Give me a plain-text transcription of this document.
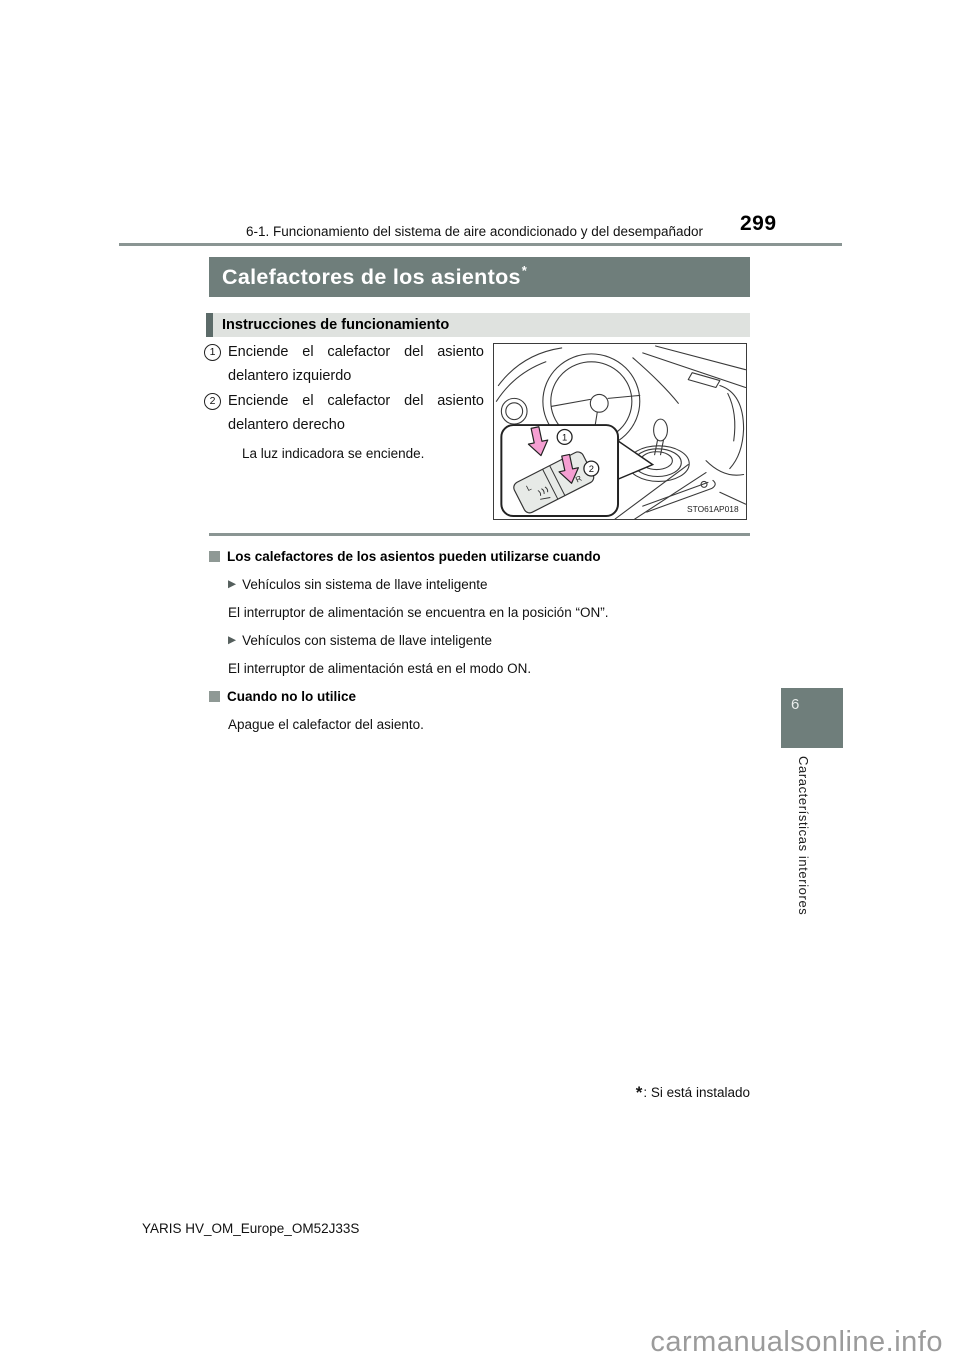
6-1. Funcionamiento del sistema de aire acondicionado y del desempañador 299
Calefactores de los asientos *
Instrucciones de funcionamiento
1 Enciende el calefactor del asiento delantero izquierdo

2 Enciende el calefactor del asiento delantero derecho

La luz indicadora se enciende.
L
R
1
2
STO61AP018
Los calefactores de los asientos pueden utilizarse cuando
▶ Vehículos sin sistema de llave inteligente
El interruptor de alimentación se encuentra en la posición “ON”.
▶ Vehículos con sistema de llave inteligente
El interruptor de alimentación está en el modo ON.
Cuando no lo utilice
Apague el calefactor del asiento.
6
Características interiores
*: Si está instalado
YARIS HV_OM_Europe_OM52J33S
carmanualsonline.info
